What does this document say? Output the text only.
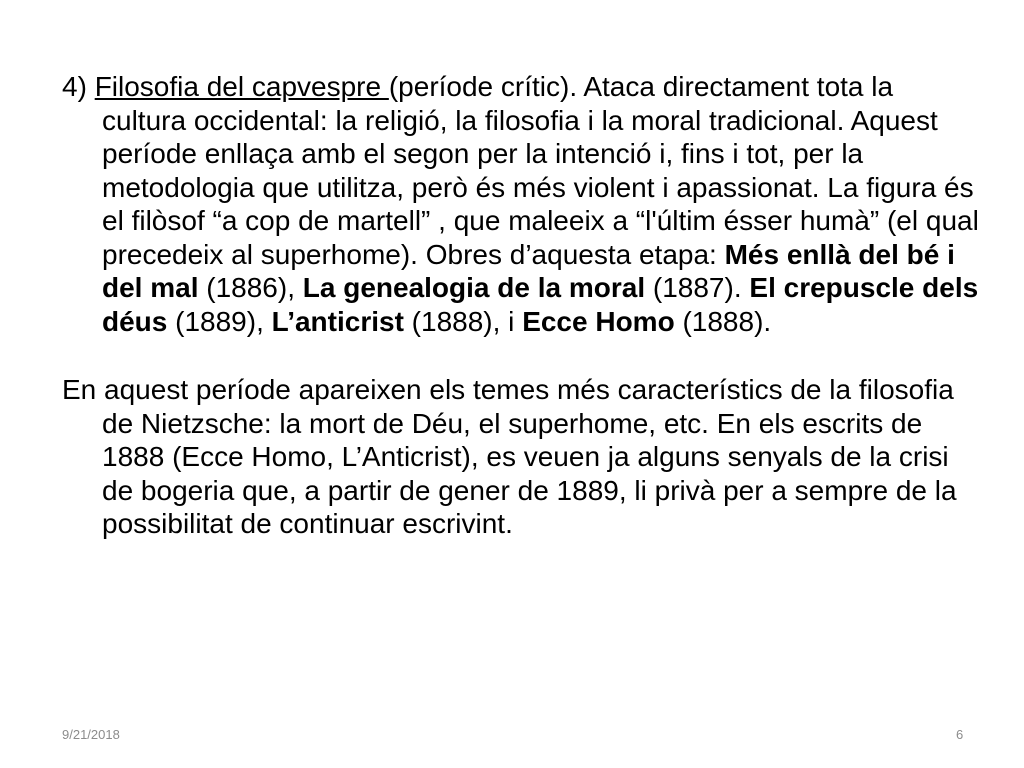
4) Filosofia del capvespre (període crític). Ataca directament tota la cultura occidental: la religió, la filosofia i la moral tradicional. Aquest període enllaça amb el segon per la intenció i, fins i tot, per la metodologia que utilitza, però és més violent i apassionat. La figura és el filòsof “a cop de martell” , que maleeix a “l'últim ésser humà” (el qual precedeix al superhome). Obres d’aquesta etapa: Més enllà del bé i del mal (1886), La genealogia de la moral (1887). El crepuscle dels déus (1889), L’anticrist (1888), i Ecce Homo (1888).

En aquest període apareixen els temes més característics de la filosofia de Nietzsche: la mort de Déu, el superhome, etc. En els escrits de 1888 (Ecce Homo, L’Anticrist), es veuen ja alguns senyals de la crisi de bogeria que, a partir de gener de 1889, li privà per a sempre de la possibilitat de continuar escrivint.

9/21/2018	6
